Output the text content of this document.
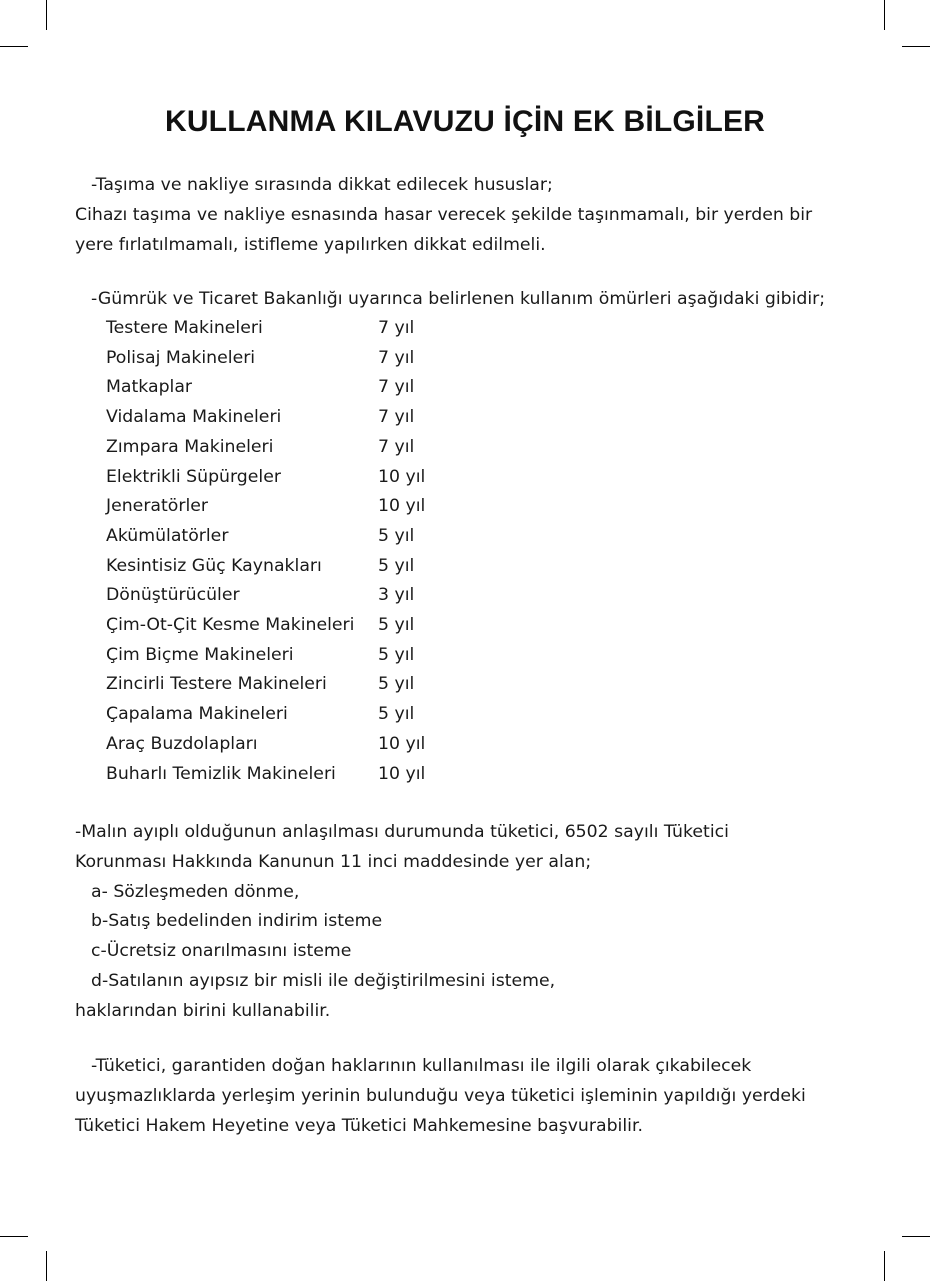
KULLANMA KILAVUZU İÇİN EK BİLGİLER
-Taşıma ve nakliye sırasında dikkat edilecek hususlar;
Cihazı taşıma ve nakliye esnasında hasar verecek şekilde taşınmamalı, bir yerden bir
yere fırlatılmamalı, istifleme yapılırken dikkat edilmeli.
-Gümrük ve Ticaret Bakanlığı uyarınca belirlenen kullanım ömürleri aşağıdaki gibidir;
Testere Makineleri	7 yıl
Polisaj Makineleri	7 yıl
Matkaplar	7 yıl
Vidalama Makineleri	7 yıl
Zımpara Makineleri	7 yıl
Elektrikli Süpürgeler	10 yıl
Jeneratörler	10 yıl
Akümülatörler	5 yıl
Kesintisiz Güç Kaynakları	5 yıl
Dönüştürücüler	3 yıl
Çim-Ot-Çit Kesme Makineleri	5 yıl
Çim Biçme Makineleri	5 yıl
Zincirli Testere Makineleri	5 yıl
Çapalama Makineleri	5 yıl
Araç Buzdolapları	10 yıl
Buharlı Temizlik Makineleri	10 yıl
-Malın ayıplı olduğunun anlaşılması durumunda tüketici, 6502 sayılı Tüketici
Korunması Hakkında Kanunun 11 inci maddesinde yer alan;
a- Sözleşmeden dönme,
b-Satış bedelinden indirim isteme
c-Ücretsiz onarılmasını isteme
d-Satılanın ayıpsız bir misli ile değiştirilmesini isteme,
haklarından birini kullanabilir.
-Tüketici, garantiden doğan haklarının kullanılması ile ilgili olarak çıkabilecek
uyuşmazlıklarda yerleşim yerinin bulunduğu veya tüketici işleminin yapıldığı yerdeki
Tüketici Hakem Heyetine veya Tüketici Mahkemesine başvurabilir.
